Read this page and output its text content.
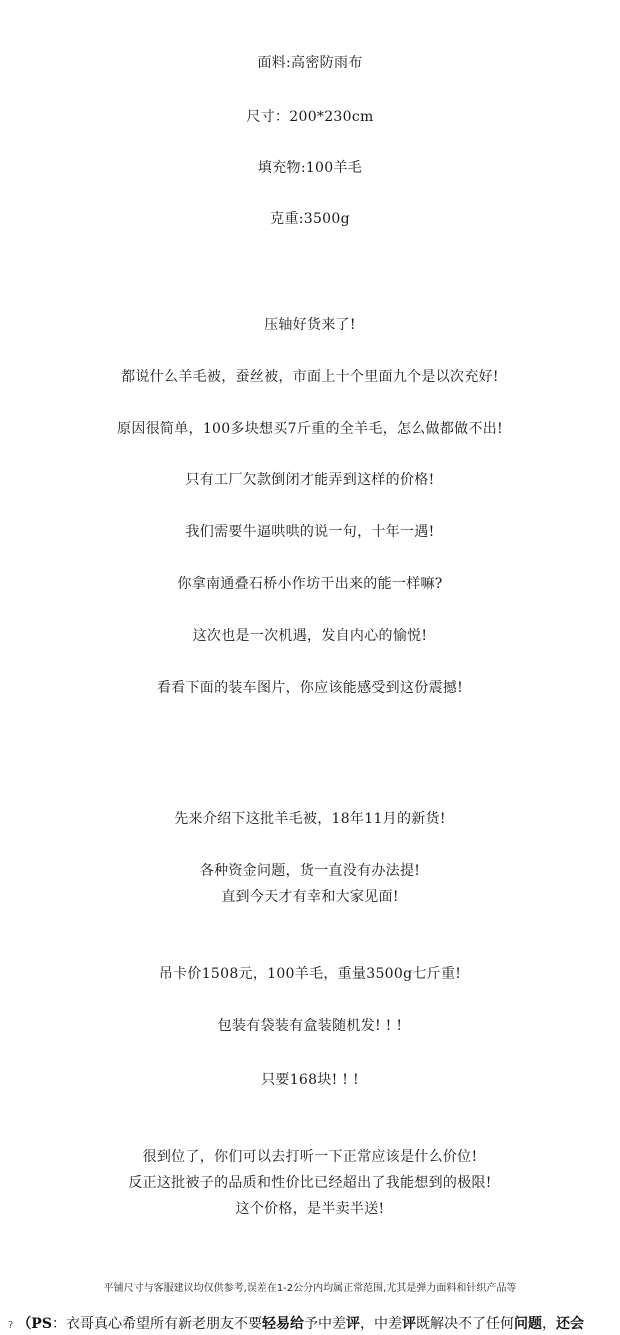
面料:高密防雨布
尺寸：200*230cm
填充物:100羊毛
克重:3500g
压轴好货来了!
都说什么羊毛被，蚕丝被，市面上十个里面九个是以次充好!
原因很简单，100多块想买7斤重的全羊毛，怎么做都做不出!
只有工厂欠款倒闭才能弄到这样的价格!
我们需要牛逼哄哄的说一句，十年一遇!
你拿南通叠石桥小作坊干出来的能一样嘛?
这次也是一次机遇，发自内心的愉悦!
看看下面的装车图片，你应该能感受到这份震撼!
先来介绍下这批羊毛被，18年11月的新货!
各种资金问题，货一直没有办法提!
直到今天才有幸和大家见面!
吊卡价1508元，100羊毛，重量3500g七斤重!
包装有袋装有盒装随机发! ! !
只要168块! ! !
很到位了，你们可以去打听一下正常应该是什么价位!
反正这批被子的品质和性价比已经超出了我能想到的极限!
这个价格，是半卖半送!
平铺尺寸与客服建议均仅供参考,误差在1-2公分内均属正常范围,尤其是弹力面料和针织产品等
? （PS：衣哥真心希望所有新老朋友不要轻易给予中差评，中差评既解决不了任何问题，还会
